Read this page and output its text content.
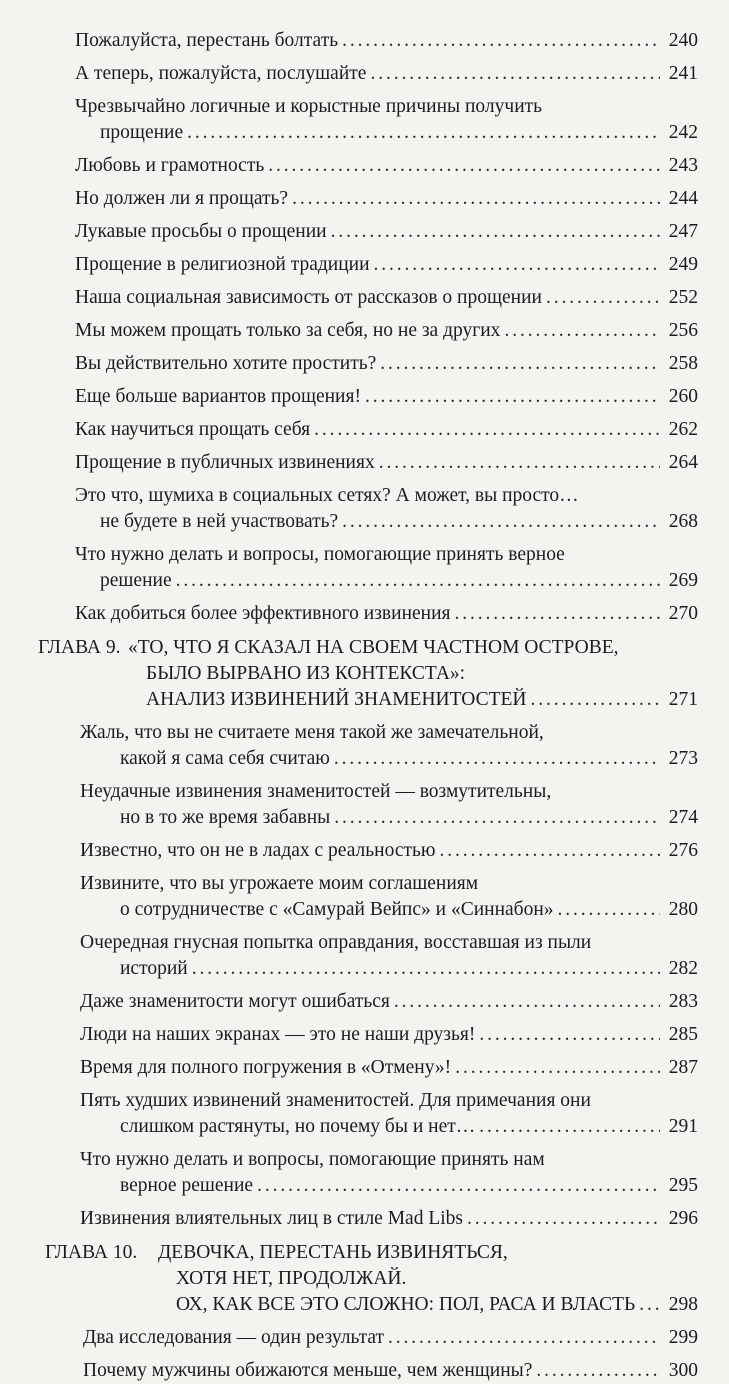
Пожалуйста, перестань болтать . . .	240
А теперь, пожалуйста, послушайте . . .	241
Чрезвычайно логичные и корыстные причины получить
прощение . . .	242
Любовь и грамотность . . .	243
Но должен ли я прощать? . . .	244
Лукавые просьбы о прощении . . .	247
Прощение в религиозной традиции . . .	249
Наша социальная зависимость от рассказов о прощении . . .	252
Мы можем прощать только за себя, но не за других . . .	256
Вы действительно хотите простить? . . .	258
Еще больше вариантов прощения! . . .	260
Как научиться прощать себя . . .	262
Прощение в публичных извинениях . . .	264
Это что, шумиха в социальных сетях? А может, вы просто…
не будете в ней участвовать? . . .	268
Что нужно делать и вопросы, помогающие принять верное
решение . . .	269
Как добиться более эффективного извинения . . .	270
ГЛАВА 9. «ТО, ЧТО Я СКАЗАЛ НА СВОЕМ ЧАСТНОМ ОСТРОВЕ,
БЫЛО ВЫРВАНО ИЗ КОНТЕКСТА»:
АНАЛИЗ ИЗВИНЕНИЙ ЗНАМЕНИТОСТЕЙ . . .	271
Жаль, что вы не считаете меня такой же замечательной,
какой я сама себя считаю . . .	273
Неудачные извинения знаменитостей — возмутительны,
но в то же время забавны . . .	274
Известно, что он не в ладах с реальностью . . .	276
Извините, что вы угрожаете моим соглашениям
о сотрудничестве с «Самурай Вейпс» и «Синнабон» . . .	280
Очередная гнусная попытка оправдания, восставшая из пыли
историй . . .	282
Даже знаменитости могут ошибаться . . .	283
Люди на наших экранах — это не наши друзья! . . .	285
Время для полного погружения в «Отмену»! . . .	287
Пять худших извинений знаменитостей. Для примечания они
слишком растянуты, но почему бы и нет… . . .	291
Что нужно делать и вопросы, помогающие принять нам
верное решение . . .	295
Извинения влиятельных лиц в стиле Mad Libs . . .	296
ГЛАВА 10.	ДЕВОЧКА, ПЕРЕСТАНЬ ИЗВИНЯТЬСЯ,
ХОТЯ НЕТ, ПРОДОЛЖАЙ.
ОХ, КАК ВСЕ ЭТО СЛОЖНО: ПОЛ, РАСА И ВЛАСТЬ . . .	298
Два исследования — один результат . . .	299
Почему мужчины обижаются меньше, чем женщины? . . .	300
